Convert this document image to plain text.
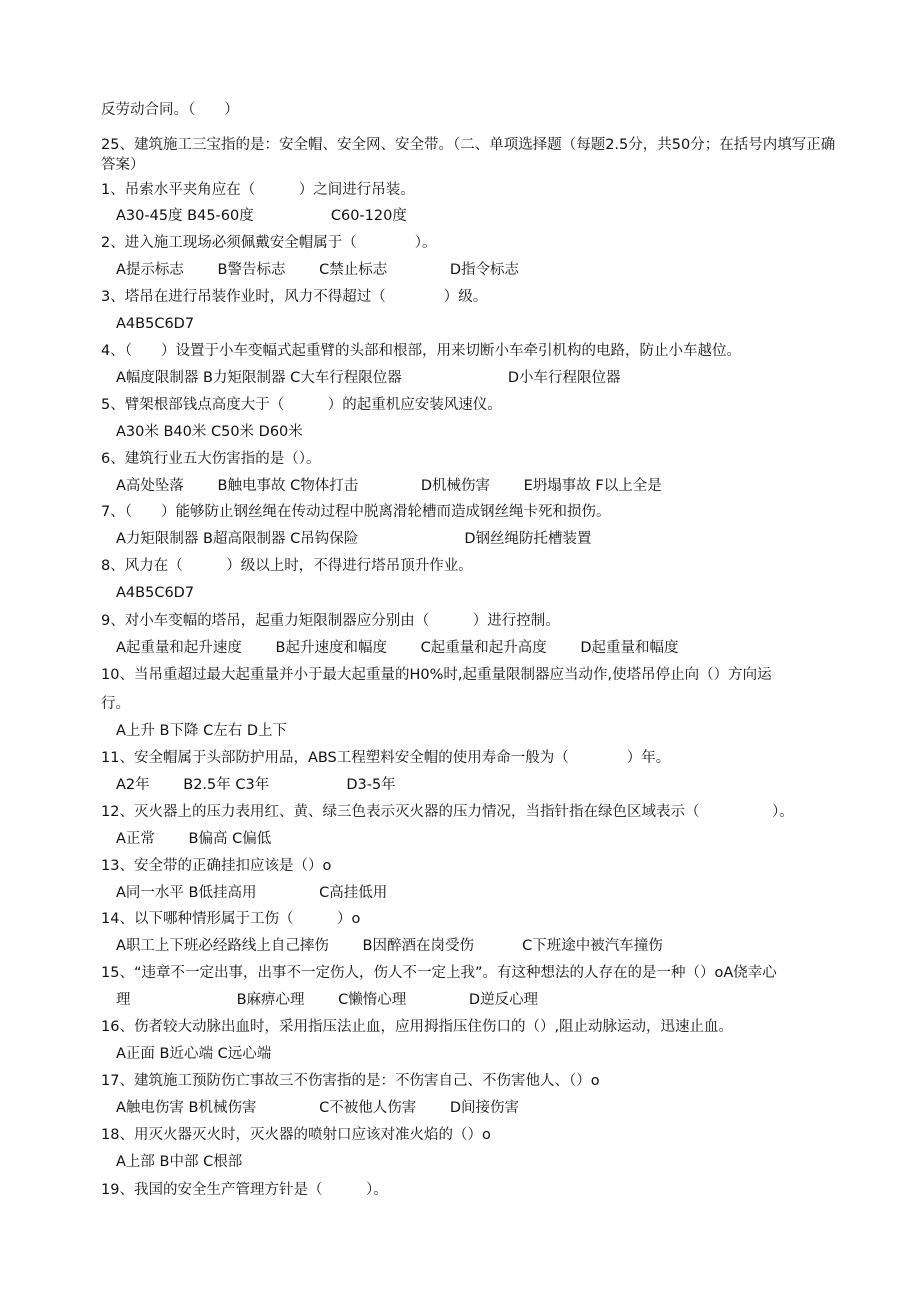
反劳动合同。（　　）
25、建筑施工三宝指的是：安全帽、安全网、安全带。（二、单项选择题（每题2.5分，共50分；在括号内填写正确答案）
1、吊索水平夹角应在（　　　）之间进行吊装。
A30-45度 B45-60度　　　　　 C60-120度
2、进入施工现场必须佩戴安全帽属于（　　　　）。
A提示标志　　 B警告标志　　 C禁止标志　　　　 D指令标志
3、塔吊在进行吊装作业时，风力不得超过（　　　　）级。
A4B5C6D7
4、（　　）设置于小车变幅式起重臂的头部和根部，用来切断小车牵引机构的电路，防止小车越位。
A幅度限制器 B力矩限制器 C大车行程限位器　　　　　　　 D小车行程限位器
5、臂架根部钱点高度大于（　　　）的起重机应安装风速仪。
A30米 B40米 C50米 D60米
6、建筑行业五大伤害指的是（）。
A高处坠落　　 B触电事故 C物体打击　　　　 D机械伤害　　 E坍塌事故 F以上全是
7、（　　）能够防止钢丝绳在传动过程中脱离滑轮槽而造成钢丝绳卡死和损伤。
A力矩限制器 B超高限制器 C吊钩保险　　　　　　　 D钢丝绳防托槽装置
8、风力在（　　　）级以上时，不得进行塔吊顶升作业。
A4B5C6D7
9、对小车变幅的塔吊，起重力矩限制器应分别由（　　　）进行控制。
A起重量和起升速度　　 B起升速度和幅度　　 C起重量和起升高度　　 D起重量和幅度
10、当吊重超过最大起重量并小于最大起重量的H0%时,起重量限制器应当动作,使塔吊停止向（）方向运
行。
A上升 B下降 C左右 D上下
11、安全帽属于头部防护用品，ABS工程塑料安全帽的使用寿命一般为（　　　　）年。
A2年　　 B2.5年 C3年　　　　　 D3-5年
12、灭火器上的压力表用红、黄、绿三色表示灭火器的压力情况，当指针指在绿色区域表示（　　　　　）。
A正常　　 B偏高 C偏低
13、安全带的正确挂扣应该是（）o
A同一水平 B低挂高用　　　　 C高挂低用
14、以下哪种情形属于工伤（　　　）o
A职工上下班必经路线上自己摔伤　　 B因醉酒在岗受伤　　　 C下班途中被汽车撞伤
15、“违章不一定出事，出事不一定伤人，伤人不一定上我”。有这种想法的人存在的是一种（）oA侥幸心
理　　　　　　　 B麻痹心理　　 C懒惰心理　　　　 D逆反心理
16、伤者较大动脉出血时，采用指压法止血，应用拇指压住伤口的（）,阻止动脉运动，迅速止血。
A正面 B近心端 C远心端
17、建筑施工预防伤亡事故三不伤害指的是：不伤害自己、不伤害他人、（）o
A触电伤害 B机械伤害　　　　 C不被他人伤害　　 D间接伤害
18、用灭火器灭火时，灭火器的喷射口应该对准火焰的（）o
A上部 B中部 C根部
19、我国的安全生产管理方针是（　　　）。
